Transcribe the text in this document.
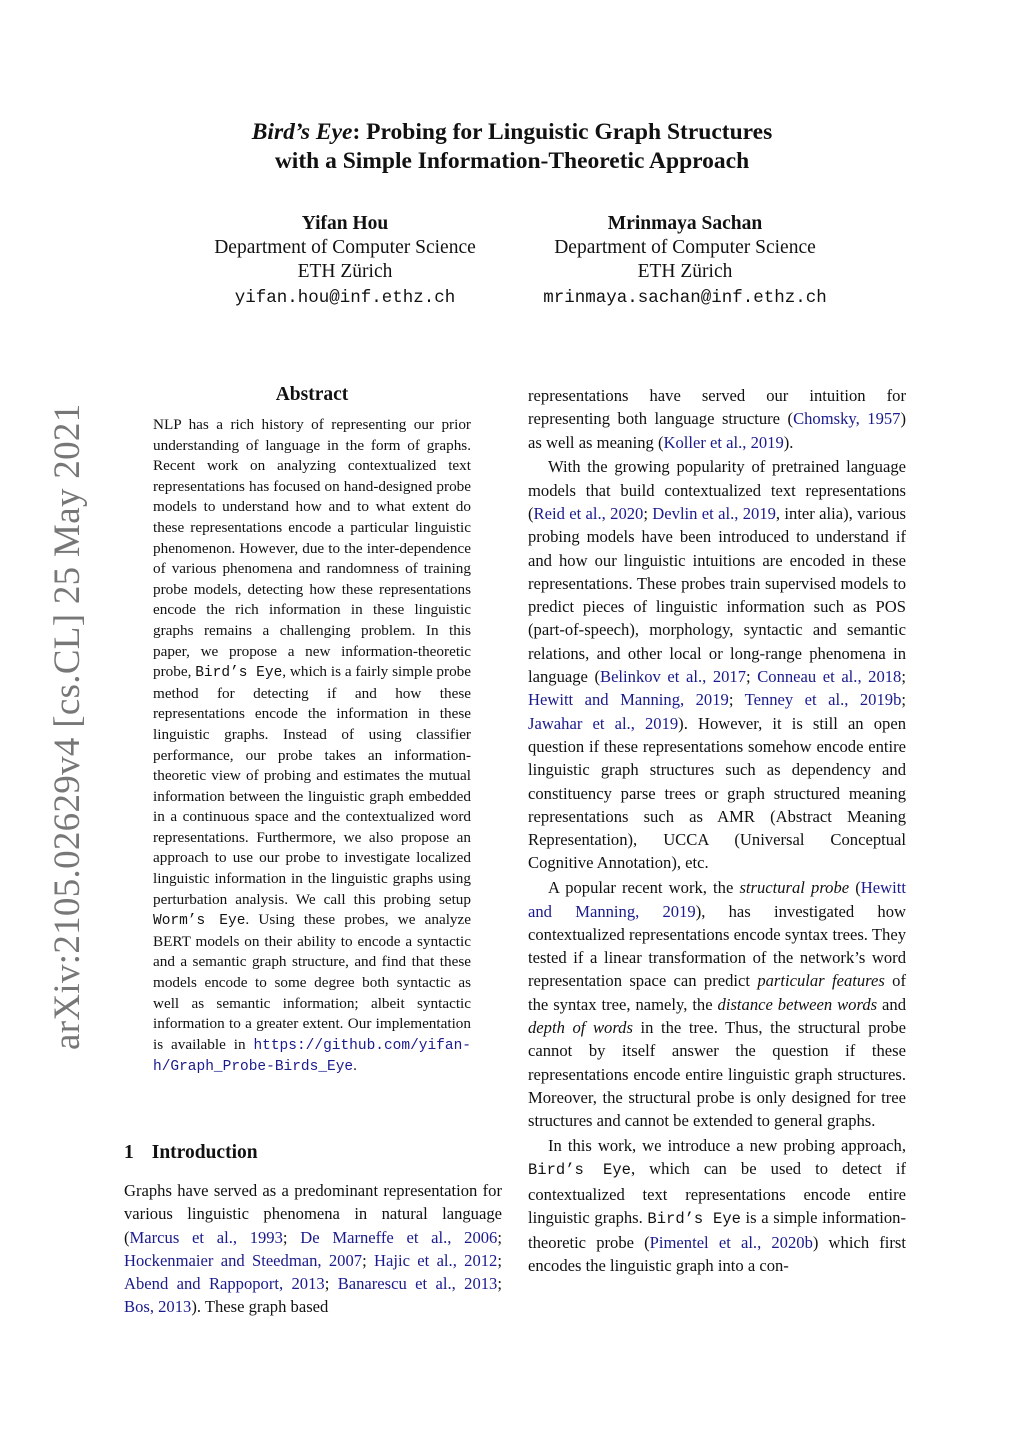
arXiv:2105.02629v4 [cs.CL] 25 May 2021
Bird’s Eye: Probing for Linguistic Graph Structures
with a Simple Information-Theoretic Approach
Yifan Hou
Department of Computer Science
ETH Zürich
yifan.hou@inf.ethz.ch
Mrinmaya Sachan
Department of Computer Science
ETH Zürich
mrinmaya.sachan@inf.ethz.ch
Abstract

NLP has a rich history of representing our prior understanding of language in the form of graphs. Recent work on analyzing contextualized text representations has focused on hand-designed probe models to understand how and to what extent do these representations encode a particular linguistic phenomenon. However, due to the inter-dependence of various phenomena and randomness of training probe models, detecting how these representations encode the rich information in these linguistic graphs remains a challenging problem. In this paper, we propose a new information-theoretic probe, Bird’s Eye, which is a fairly simple probe method for detecting if and how these representations encode the information in these linguistic graphs. Instead of using classifier performance, our probe takes an information-theoretic view of probing and estimates the mutual information between the linguistic graph embedded in a continuous space and the contextualized word representations. Furthermore, we also propose an approach to use our probe to investigate localized linguistic information in the linguistic graphs using perturbation analysis. We call this probing setup Worm’s Eye. Using these probes, we analyze BERT models on their ability to encode a syntactic and a semantic graph structure, and find that these models encode to some degree both syntactic as well as semantic information; albeit syntactic information to a greater extent. Our implementation is available in https://github.com/yifan-h/Graph_Probe-Birds_Eye.

1 Introduction

Graphs have served as a predominant representation for various linguistic phenomena in natural language (Marcus et al., 1993; De Marneffe et al., 2006; Hockenmaier and Steedman, 2007; Hajic et al., 2012; Abend and Rappoport, 2013; Banarescu et al., 2013; Bos, 2013). These graph based

representations have served our intuition for representing both language structure (Chomsky, 1957) as well as meaning (Koller et al., 2019).

With the growing popularity of pretrained language models that build contextualized text representations (Reid et al., 2020; Devlin et al., 2019, inter alia), various probing models have been introduced to understand if and how our linguistic intuitions are encoded in these representations. These probes train supervised models to predict pieces of linguistic information such as POS (part-of-speech), morphology, syntactic and semantic relations, and other local or long-range phenomena in language (Belinkov et al., 2017; Conneau et al., 2018; Hewitt and Manning, 2019; Tenney et al., 2019b; Jawahar et al., 2019). However, it is still an open question if these representations somehow encode entire linguistic graph structures such as dependency and constituency parse trees or graph structured meaning representations such as AMR (Abstract Meaning Representation), UCCA (Universal Conceptual Cognitive Annotation), etc.

A popular recent work, the structural probe (Hewitt and Manning, 2019), has investigated how contextualized representations encode syntax trees. They tested if a linear transformation of the network’s word representation space can predict particular features of the syntax tree, namely, the distance between words and depth of words in the tree. Thus, the structural probe cannot by itself answer the question if these representations encode entire linguistic graph structures. Moreover, the structural probe is only designed for tree structures and cannot be extended to general graphs.

In this work, we introduce a new probing approach, Bird’s Eye, which can be used to detect if contextualized text representations encode entire linguistic graphs. Bird’s Eye is a simple information-theoretic probe (Pimentel et al., 2020b) which first encodes the linguistic graph into a con-
